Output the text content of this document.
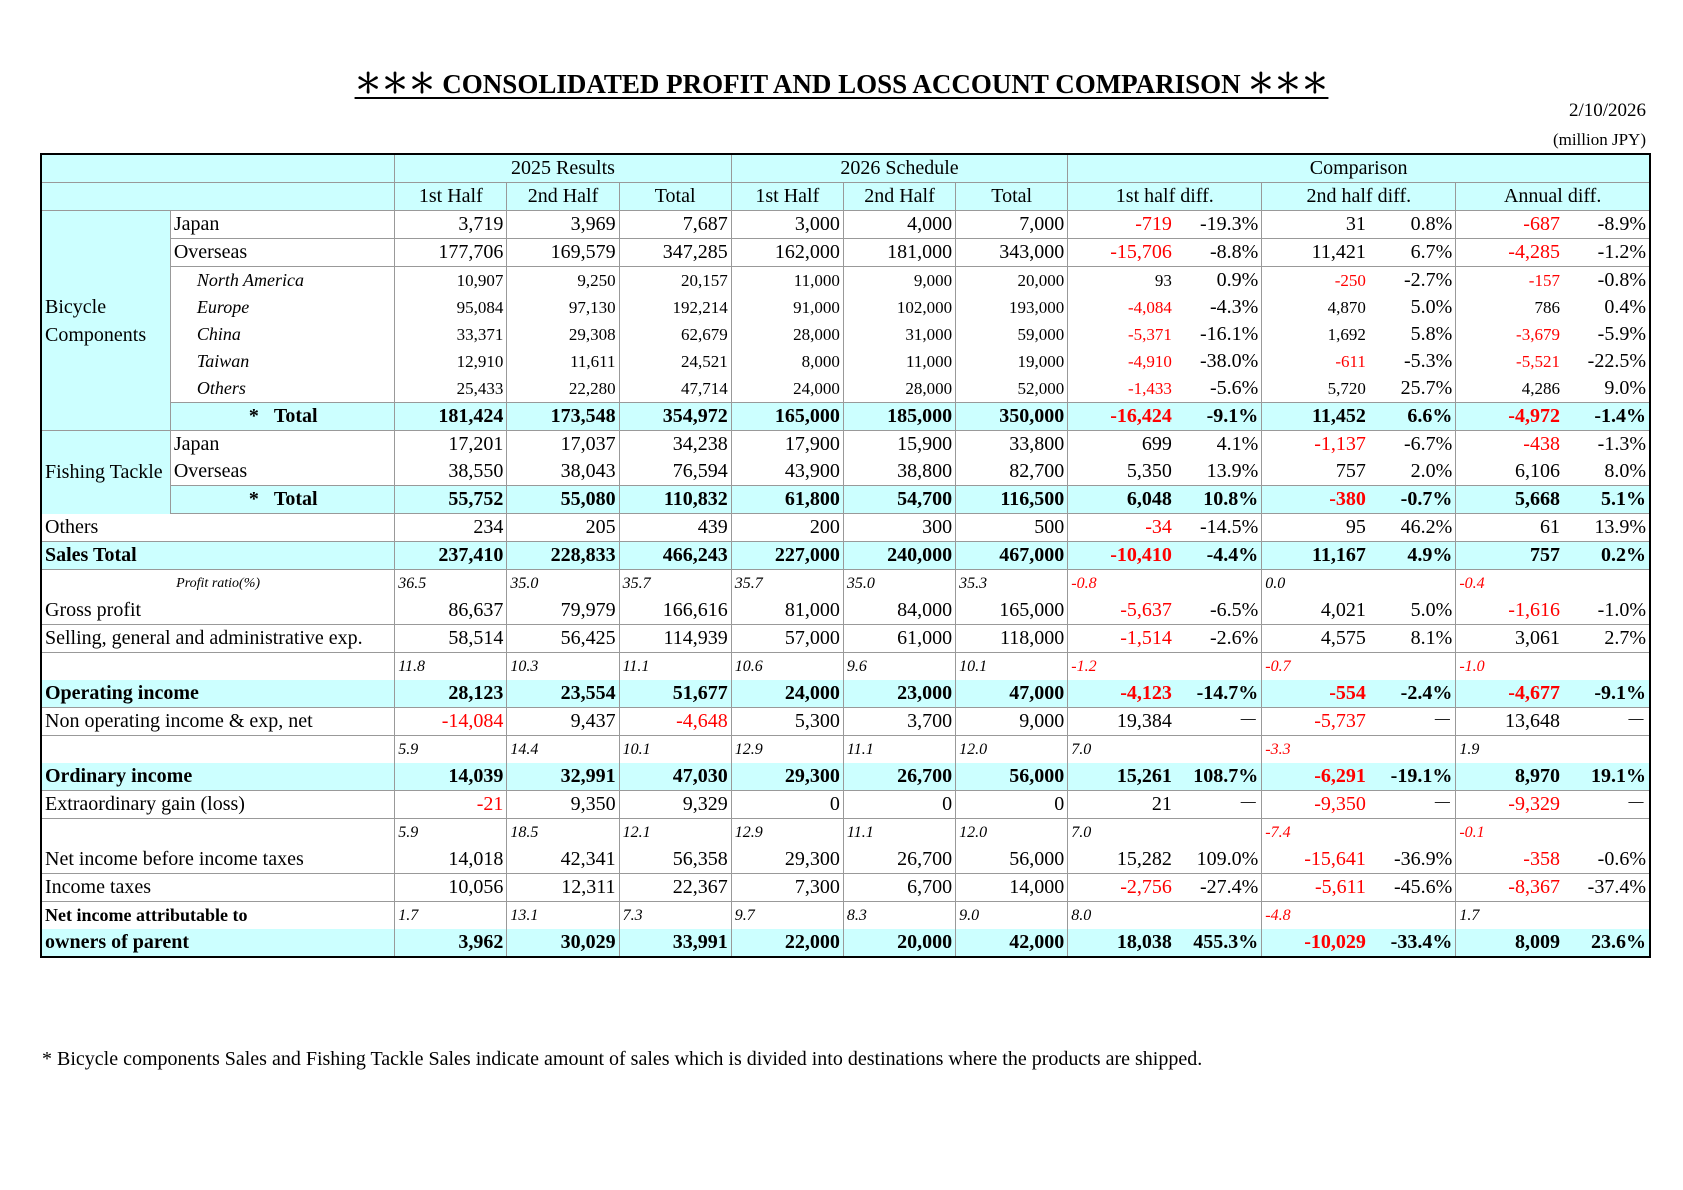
＊＊＊ CONSOLIDATED PROFIT AND LOSS ACCOUNT COMPARISON ＊＊＊
2/10/2026
(million JPY)
		2025 Results			2026 Schedule			Comparison					
		1st Half	2nd Half	Total	1st Half	2nd Half	Total	1st half diff.		2nd half diff.		Annual diff.	
Bicycle Components	Japan	3,719	3,969	7,687	3,000	4,000	7,000	-719	-19.3%	31	0.8%	-687	-8.9%
	Overseas	177,706	169,579	347,285	162,000	181,000	343,000	-15,706	-8.8%	11,421	6.7%	-4,285	-1.2%
	North America	10,907	9,250	20,157	11,000	9,000	20,000	93	0.9%	-250	-2.7%	-157	-0.8%
	Europe	95,084	97,130	192,214	91,000	102,000	193,000	-4,084	-4.3%	4,870	5.0%	786	0.4%
	China	33,371	29,308	62,679	28,000	31,000	59,000	-5,371	-16.1%	1,692	5.8%	-3,679	-5.9%
	Taiwan	12,910	11,611	24,521	8,000	11,000	19,000	-4,910	-38.0%	-611	-5.3%	-5,521	-22.5%
	Others	25,433	22,280	47,714	24,000	28,000	52,000	-1,433	-5.6%	5,720	25.7%	4,286	9.0%
	* Total	181,424	173,548	354,972	165,000	185,000	350,000	-16,424	-9.1%	11,452	6.6%	-4,972	-1.4%
Fishing Tackle	Japan	17,201	17,037	34,238	17,900	15,900	33,800	699	4.1%	-1,137	-6.7%	-438	-1.3%
	Overseas	38,550	38,043	76,594	43,900	38,800	82,700	5,350	13.9%	757	2.0%	6,106	8.0%
	* Total	55,752	55,080	110,832	61,800	54,700	116,500	6,048	10.8%	-380	-0.7%	5,668	5.1%
Others		234	205	439	200	300	500	-34	-14.5%	95	46.2%	61	13.9%
Sales Total		237,410	228,833	466,243	227,000	240,000	467,000	-10,410	-4.4%	11,167	4.9%	757	0.2%
Profit ratio(%)		36.5	35.0	35.7	35.7	35.0	35.3	-0.8		0.0		-0.4	
Gross profit		86,637	79,979	166,616	81,000	84,000	165,000	-5,637	-6.5%	4,021	5.0%	-1,616	-1.0%
Selling, general and administrative exp.		58,514	56,425	114,939	57,000	61,000	118,000	-1,514	-2.6%	4,575	8.1%	3,061	2.7%
		11.8	10.3	11.1	10.6	9.6	10.1	-1.2		-0.7		-1.0	
Operating income		28,123	23,554	51,677	24,000	23,000	47,000	-4,123	-14.7%	-554	-2.4%	-4,677	-9.1%
Non operating income & exp, net		-14,084	9,437	-4,648	5,300	3,700	9,000	19,384	－	-5,737	－	13,648	－
		5.9	14.4	10.1	12.9	11.1	12.0	7.0		-3.3		1.9	
Ordinary income		14,039	32,991	47,030	29,300	26,700	56,000	15,261	108.7%	-6,291	-19.1%	8,970	19.1%
Extraordinary gain (loss)		-21	9,350	9,329	0	0	0	21	－	-9,350	－	-9,329	－
		5.9	18.5	12.1	12.9	11.1	12.0	7.0		-7.4		-0.1	
Net income before income taxes		14,018	42,341	56,358	29,300	26,700	56,000	15,282	109.0%	-15,641	-36.9%	-358	-0.6%
Income taxes		10,056	12,311	22,367	7,300	6,700	14,000	-2,756	-27.4%	-5,611	-45.6%	-8,367	-37.4%
Net income attributable to		1.7	13.1	7.3	9.7	8.3	9.0	8.0		-4.8		1.7	
owners of parent		3,962	30,029	33,991	22,000	20,000	42,000	18,038	455.3%	-10,029	-33.4%	8,009	23.6%
* Bicycle components Sales and Fishing Tackle Sales indicate amount of sales which is divided into destinations where the products are shipped.
